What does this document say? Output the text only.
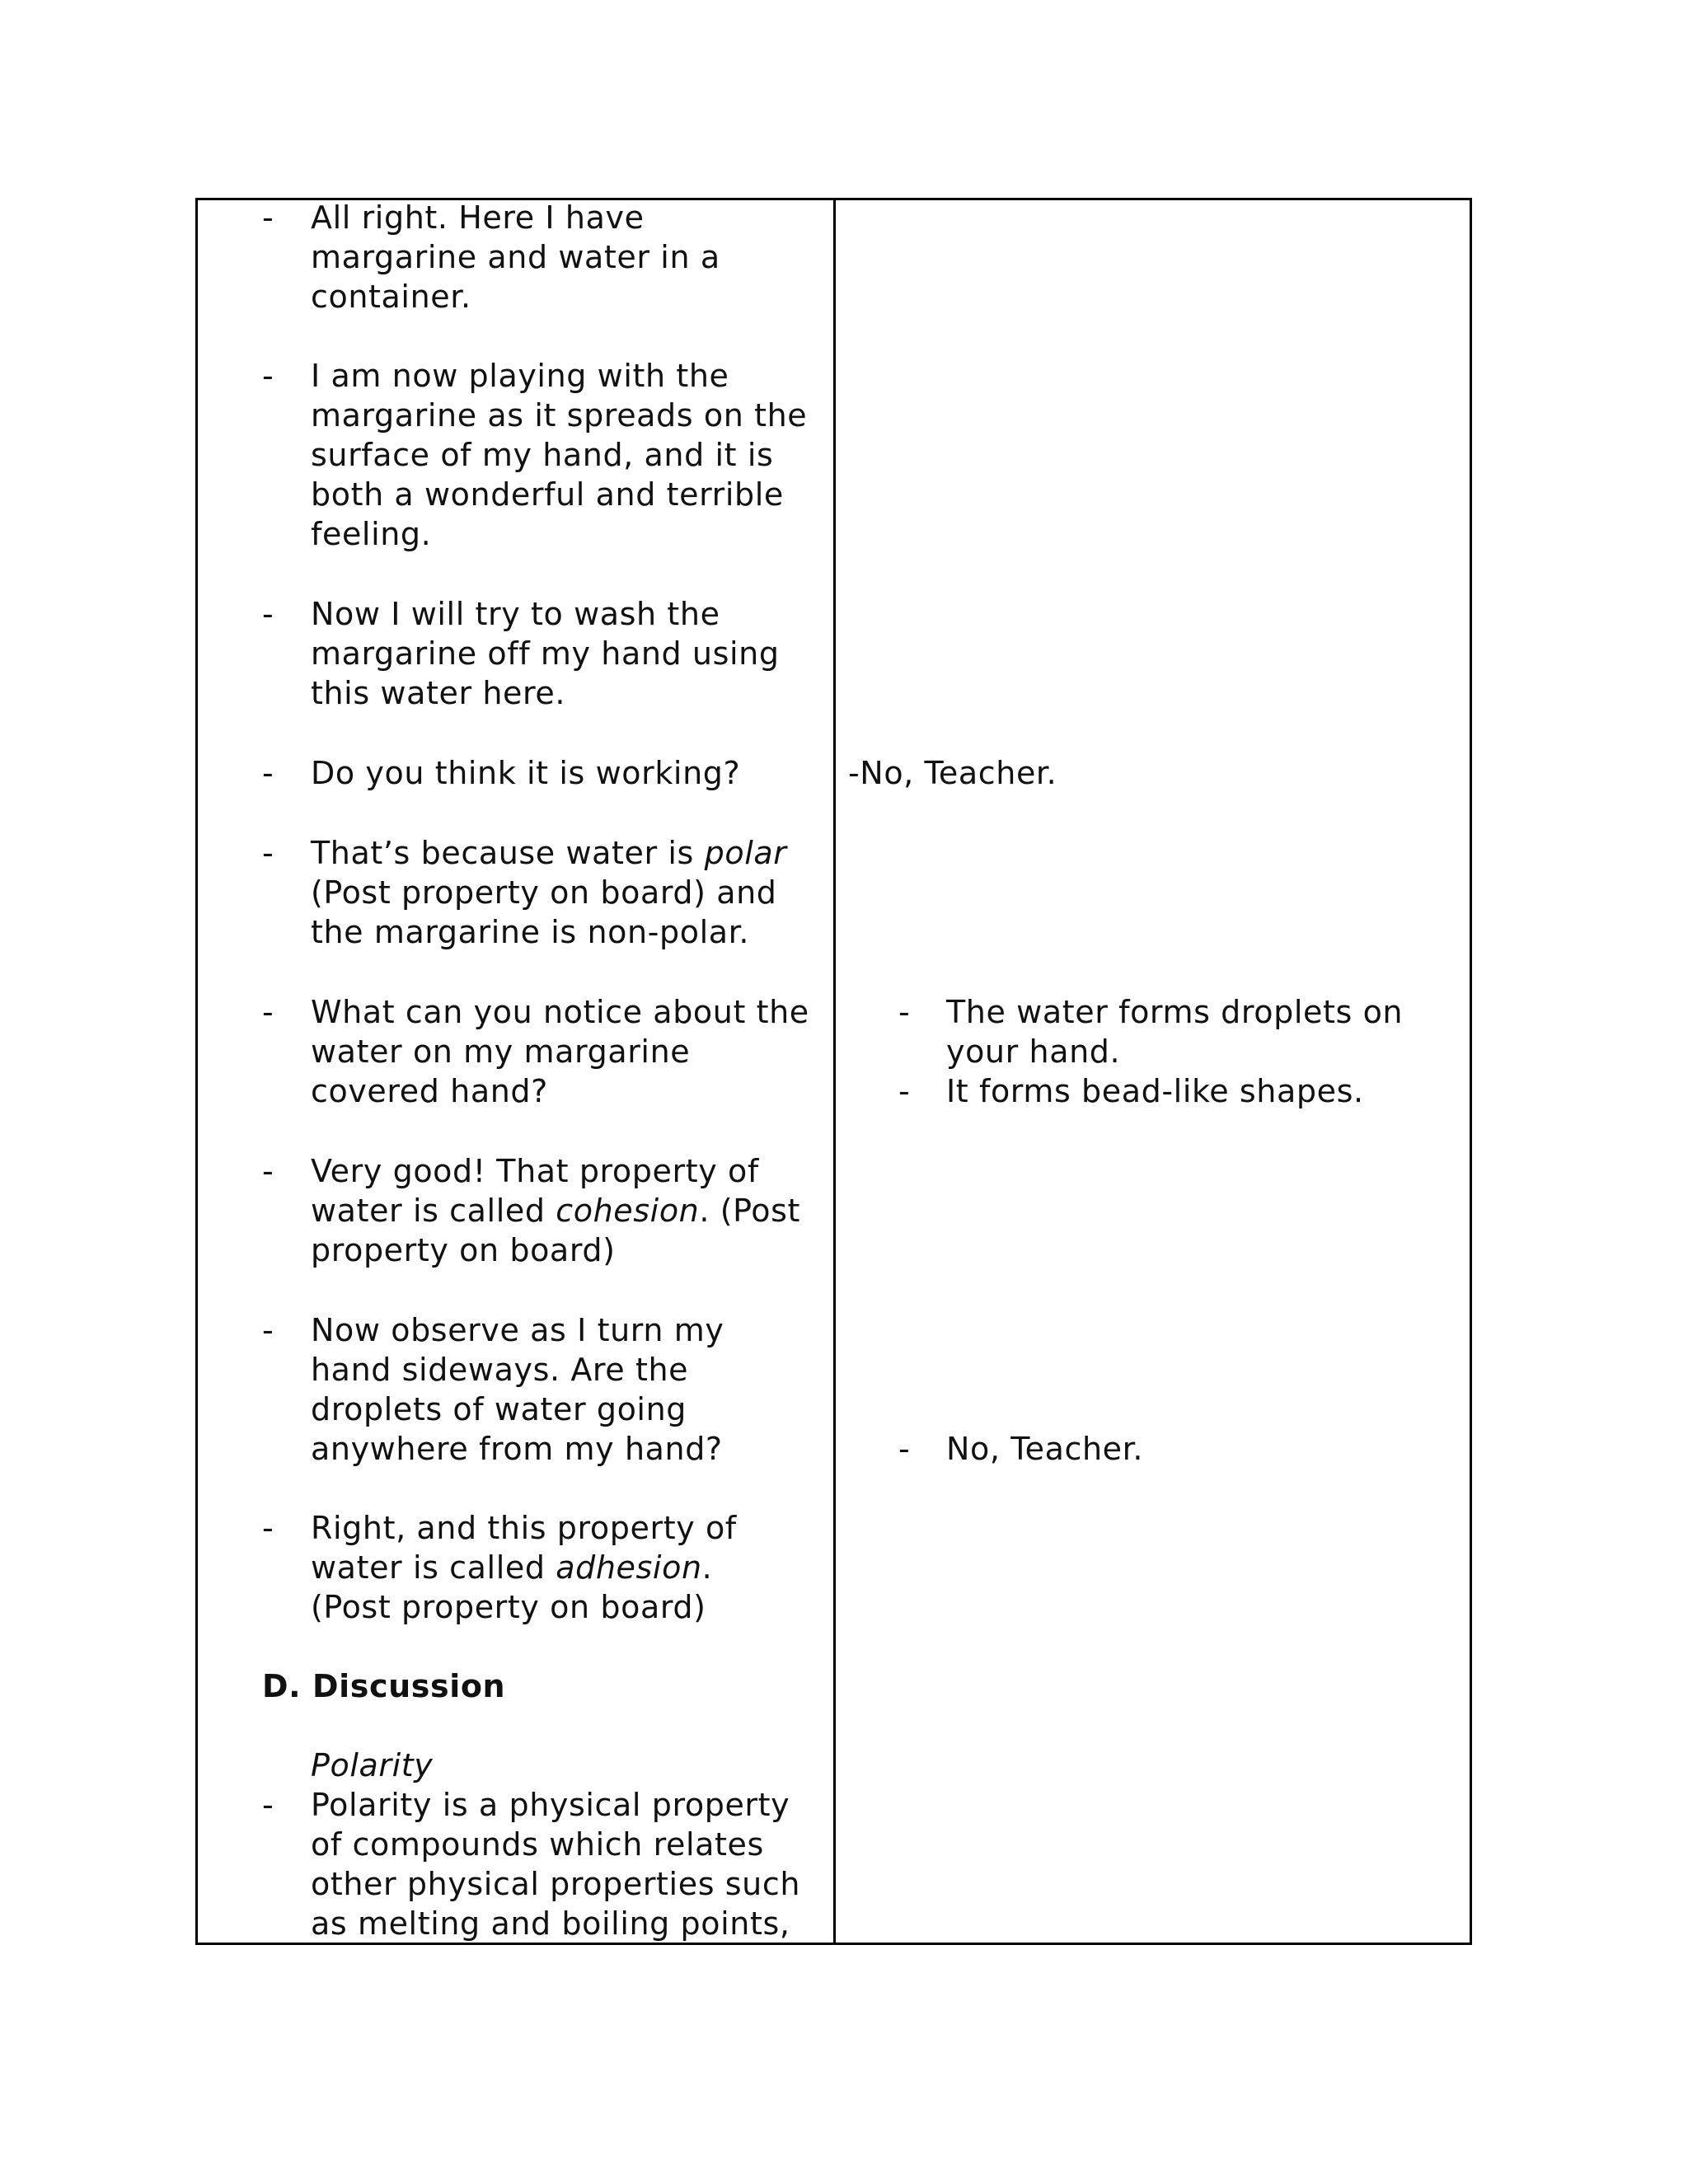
- All right. Here I have
margarine and water in a
container.
- I am now playing with the
margarine as it spreads on the
surface of my hand, and it is
both a wonderful and terrible
feeling.
- Now I will try to wash the
margarine off my hand using
this water here.
- Do you think it is working?
- That’s because water is polar
(Post property on board) and
the margarine is non-polar.
- What can you notice about the
water on my margarine
covered hand?
- Very good! That property of
water is called cohesion. (Post
property on board)
- Now observe as I turn my
hand sideways. Are the
droplets of water going
anywhere from my hand?
- Right, and this property of
water is called adhesion.
(Post property on board)
D. Discussion
Polarity
- Polarity is a physical property
of compounds which relates
other physical properties such
as melting and boiling points,
-No, Teacher.
- The water forms droplets on
your hand.
- It forms bead-like shapes.
- No, Teacher.
